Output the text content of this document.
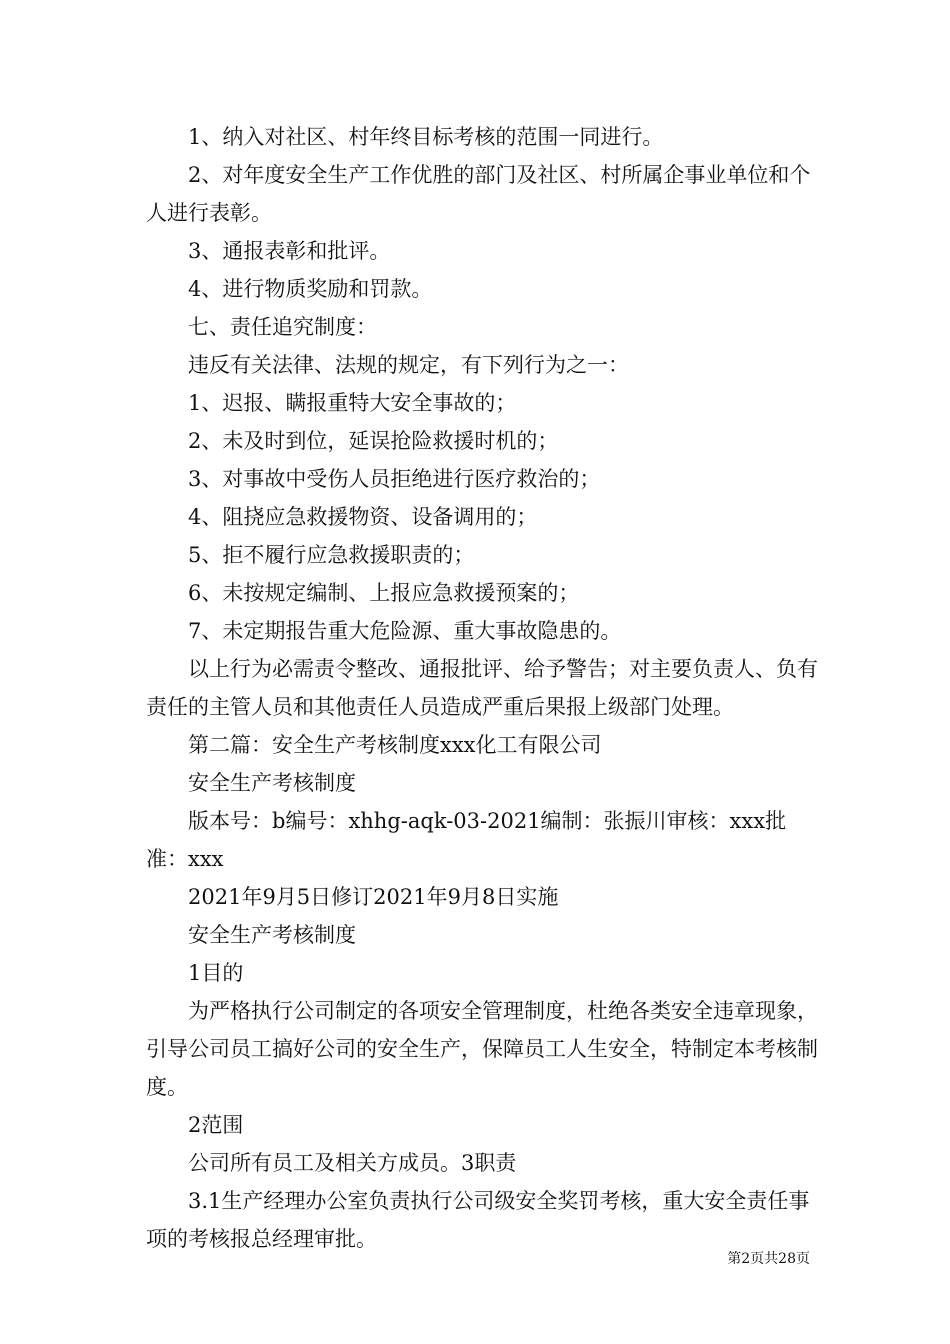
1、纳入对社区、村年终目标考核的范围一同进行。

2、对年度安全生产工作优胜的部门及社区、村所属企事业单位和个人进行表彰。

3、通报表彰和批评。

4、进行物质奖励和罚款。

七、责任追究制度：

违反有关法律、法规的规定，有下列行为之一：

1、迟报、瞒报重特大安全事故的；

2、未及时到位，延误抢险救援时机的；

3、对事故中受伤人员拒绝进行医疗救治的；

4、阻挠应急救援物资、设备调用的；

5、拒不履行应急救援职责的；

6、未按规定编制、上报应急救援预案的；

7、未定期报告重大危险源、重大事故隐患的。

以上行为必需责令整改、通报批评、给予警告；对主要负责人、负有责任的主管人员和其他责任人员造成严重后果报上级部门处理。

第二篇：安全生产考核制度xxx化工有限公司

安全生产考核制度

版本号：b编号：xhhg-aqk-03-2021编制：张振川审核：xxx批准：xxx

2021年9月5日修订2021年9月8日实施

安全生产考核制度

1目的

为严格执行公司制定的各项安全管理制度，杜绝各类安全违章现象，引导公司员工搞好公司的安全生产，保障员工人生安全，特制定本考核制度。

2范围

公司所有员工及相关方成员。3职责

3.1生产经理办公室负责执行公司级安全奖罚考核，重大安全责任事项的考核报总经理审批。

第2页共28页
